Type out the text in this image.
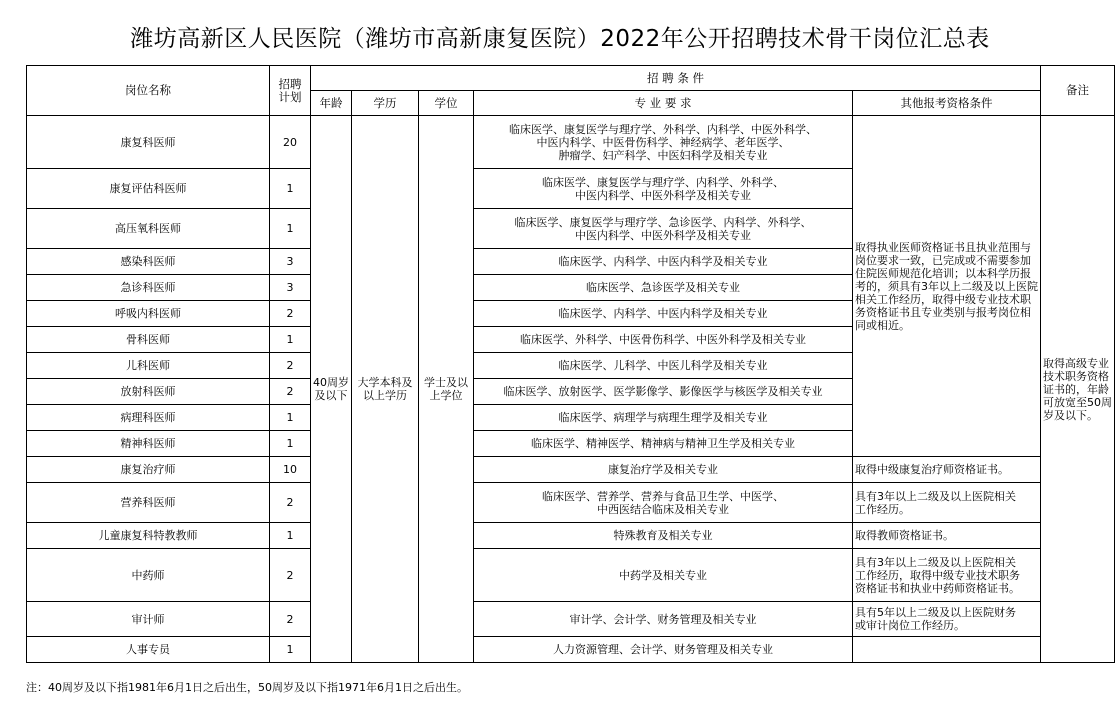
潍坊高新区人民医院（潍坊市高新康复医院）2022年公开招聘技术骨干岗位汇总表
岗位名称	招聘
计划	招 聘 条 件					备注
		年龄	学历	学位	专 业 要 求	其他报考资格条件	
康复科医师	20	40周岁及以下	大学本科及以上学历	学士及以上学位	临床医学、康复医学与理疗学、外科学、内科学、中医外科学、
中医内科学、中医骨伤科学、神经病学、老年医学、
肿瘤学、妇产科学、中医妇科学及相关专业	取得执业医师资格证书且执业范围与岗位要求一致，已完成或不需要参加住院医师规范化培训；以本科学历报考的，须具有3年以上二级及以上医院相关工作经历，取得中级专业技术职务资格证书且专业类别与报考岗位相同或相近。	取得高级专业技术职务资格证书的，年龄可放宽至50周岁及以下。
康复评估科医师	1				临床医学、康复医学与理疗学、内科学、外科学、
中医内科学、中医外科学及相关专业		
高压氧科医师	1				临床医学、康复医学与理疗学、急诊医学、内科学、外科学、
中医内科学、中医外科学及相关专业		
感染科医师	3				临床医学、内科学、中医内科学及相关专业		
急诊科医师	3				临床医学、急诊医学及相关专业		
呼吸内科医师	2				临床医学、内科学、中医内科学及相关专业		
骨科医师	1				临床医学、外科学、中医骨伤科学、中医外科学及相关专业		
儿科医师	2				临床医学、儿科学、中医儿科学及相关专业		
放射科医师	2				临床医学、放射医学、医学影像学、影像医学与核医学及相关专业		
病理科医师	1				临床医学、病理学与病理生理学及相关专业		
精神科医师	1				临床医学、精神医学、精神病与精神卫生学及相关专业		
康复治疗师	10				康复治疗学及相关专业	取得中级康复治疗师资格证书。	
营养科医师	2				临床医学、营养学、营养与食品卫生学、中医学、
中西医结合临床及相关专业	具有3年以上二级及以上医院相关
工作经历。	
儿童康复科特教教师	1				特殊教育及相关专业	取得教师资格证书。	
中药师	2				中药学及相关专业	具有3年以上二级及以上医院相关
工作经历，取得中级专业技术职务
资格证书和执业中药师资格证书。	
审计师	2				审计学、会计学、财务管理及相关专业	具有5年以上二级及以上医院财务
或审计岗位工作经历。	
人事专员	1				人力资源管理、会计学、财务管理及相关专业		
注：40周岁及以下指1981年6月1日之后出生，50周岁及以下指1971年6月1日之后出生。
